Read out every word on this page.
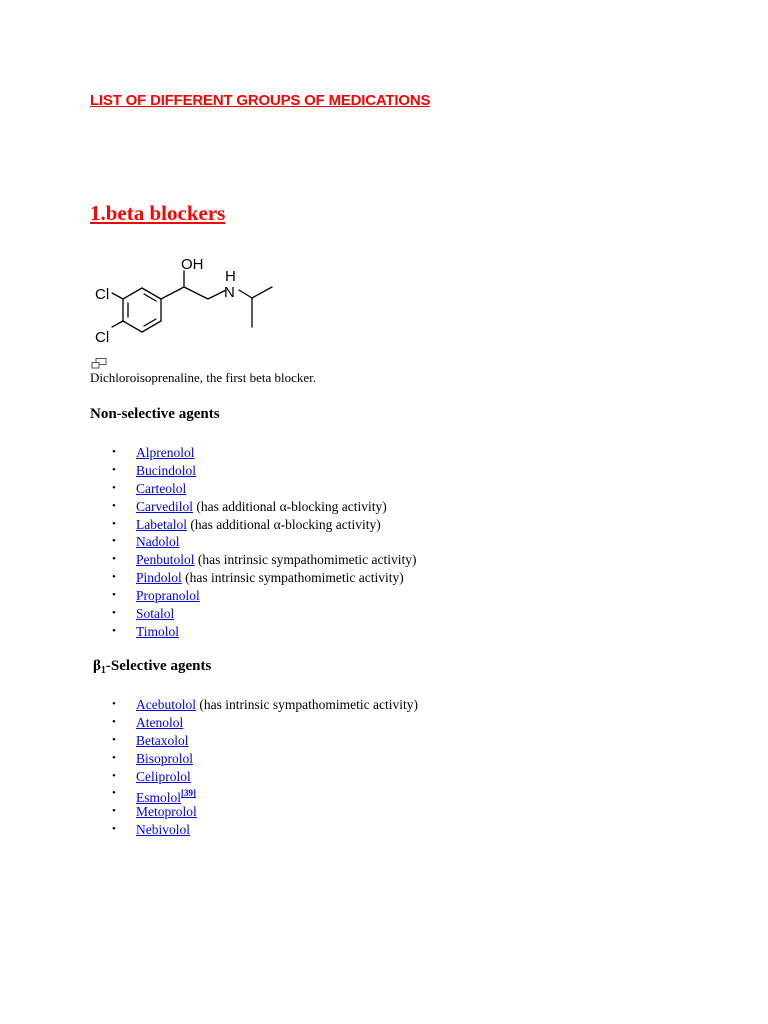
LIST OF DIFFERENT GROUPS OF MEDICATIONS
1.beta blockers
OH
H
N
Cl
Cl

Dichloroisoprenaline, the first beta blocker.

Non-selective agents
• Alprenolol
• Bucindolol
• Carteolol
• Carvedilol (has additional α-blocking activity)
• Labetalol (has additional α-blocking activity)
• Nadolol
• Penbutolol (has intrinsic sympathomimetic activity)
• Pindolol (has intrinsic sympathomimetic activity)
• Propranolol
• Sotalol
• Timolol
$\beta_1$-Selective agents
• Acebutolol (has intrinsic sympathomimetic activity)
• Atenolol
• Betaxolol
• Bisoprolol
• Celiprolol
• Esmolol[39]
• Metoprolol
• Nebivolol
